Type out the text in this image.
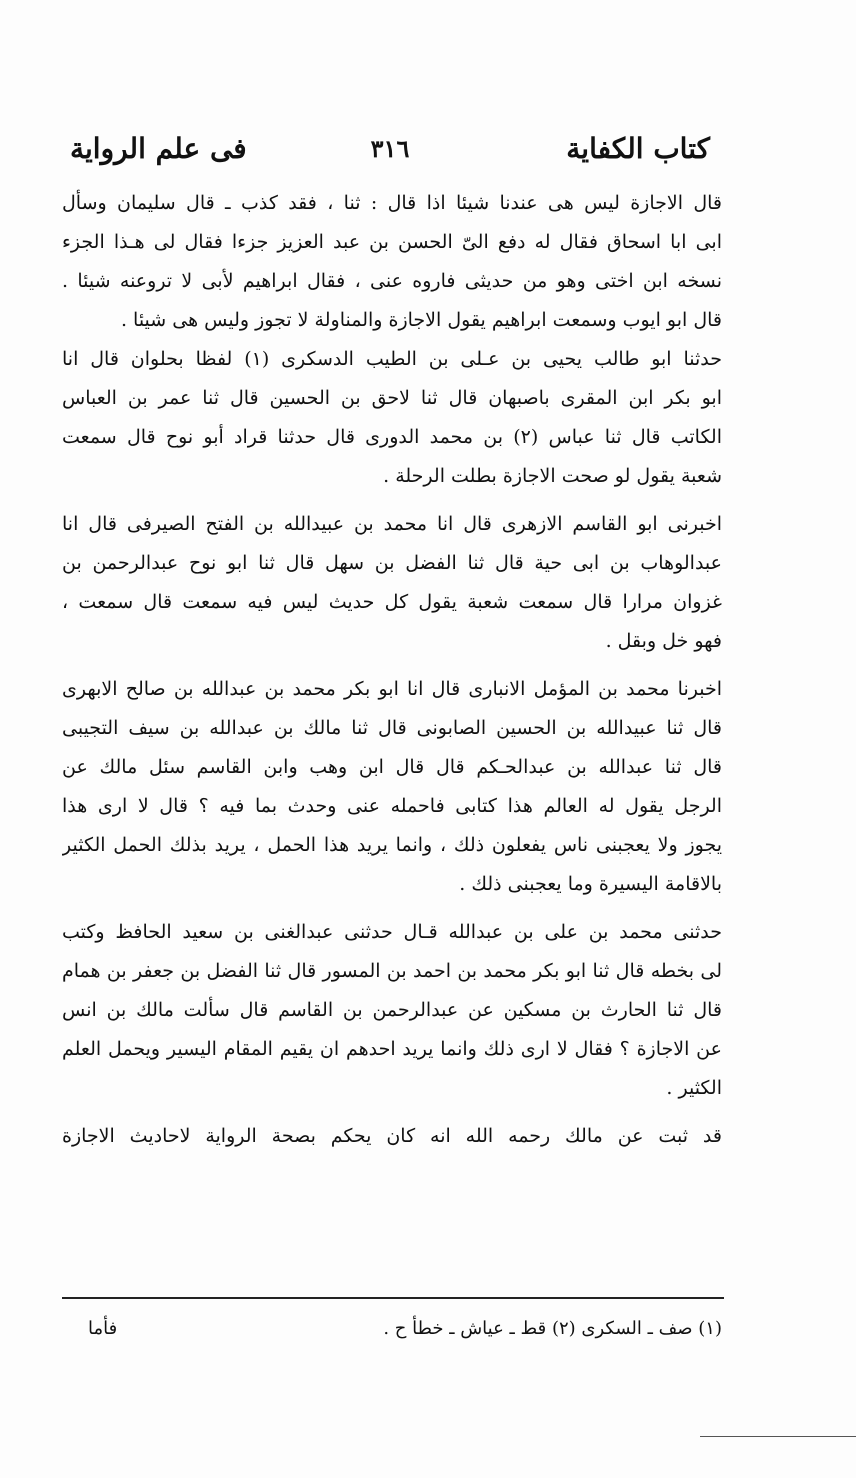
كتاب الكفاية
٣١٦
فى علم الرواية
قال الاجازة ليس هى عندنا شيئا اذا قال : ثنا ، فقد كذب ـ قال سليمان وسأل
ابى ابا اسحاق فقال له دفع الىّ الحسن بن عبد العزيز جزءا فقال لى هـذا الجزء
نسخه ابن اختى وهو من حديثى فاروه عنى ، فقال ابراهيم لأبى لا تروعنه شيئا .
قال ابو ايوب وسمعت ابراهيم يقول الاجازة والمناولة لا تجوز وليس هى شيئا .
حدثنا ابو طالب يحيى بن عـلى بن الطيب الدسكرى (١) لفظا بحلوان قال انا
ابو بكر ابن المقرى باصبهان قال ثنا لاحق بن الحسين قال ثنا عمر بن العباس
الكاتب قال ثنا عباس (٢) بن محمد الدورى قال حدثنا قراد أبو نوح قال سمعت
شعبة يقول لو صحت الاجازة بطلت الرحلة .
اخبرنى ابو القاسم الازهرى قال انا محمد بن عبيدالله بن الفتح الصيرفى قال انا
عبدالوهاب بن ابى حية قال ثنا الفضل بن سهل قال ثنا ابو نوح عبدالرحمن بن
غزوان مرارا قال سمعت شعبة يقول كل حديث ليس فيه سمعت قال سمعت ،
فهو خل وبقل .
اخبرنا محمد بن المؤمل الانبارى قال انا ابو بكر محمد بن عبدالله بن صالح الابهرى
قال ثنا عبيدالله بن الحسين الصابونى قال ثنا مالك بن عبدالله بن سيف التجيبى
قال ثنا عبدالله بن عبدالحـكم قال قال ابن وهب وابن القاسم سئل مالك عن
الرجل يقول له العالم هذا كتابى فاحمله عنى وحدث بما فيه ؟ قال لا ارى هذا
يجوز ولا يعجبنى ناس يفعلون ذلك ، وانما يريد هذا الحمل ، يريد بذلك الحمل الكثير
بالاقامة اليسيرة وما يعجبنى ذلك .
حدثنى محمد بن على بن عبدالله قـال حدثنى عبدالغنى بن سعيد الحافظ وكتب
لى بخطه قال ثنا ابو بكر محمد بن احمد بن المسور قال ثنا الفضل بن جعفر بن همام
قال ثنا الحارث بن مسكين عن عبدالرحمن بن القاسم قال سألت مالك بن انس
عن الاجازة ؟ فقال لا ارى ذلك وانما يريد احدهم ان يقيم المقام اليسير ويحمل العلم
الكثير .
قد ثبت عن مالك رحمه الله انه كان يحكم بصحة الرواية لاحاديث الاجازة
(١) صف ـ السكرى (٢) قط ـ عياش ـ خطأ ح .
فأما
